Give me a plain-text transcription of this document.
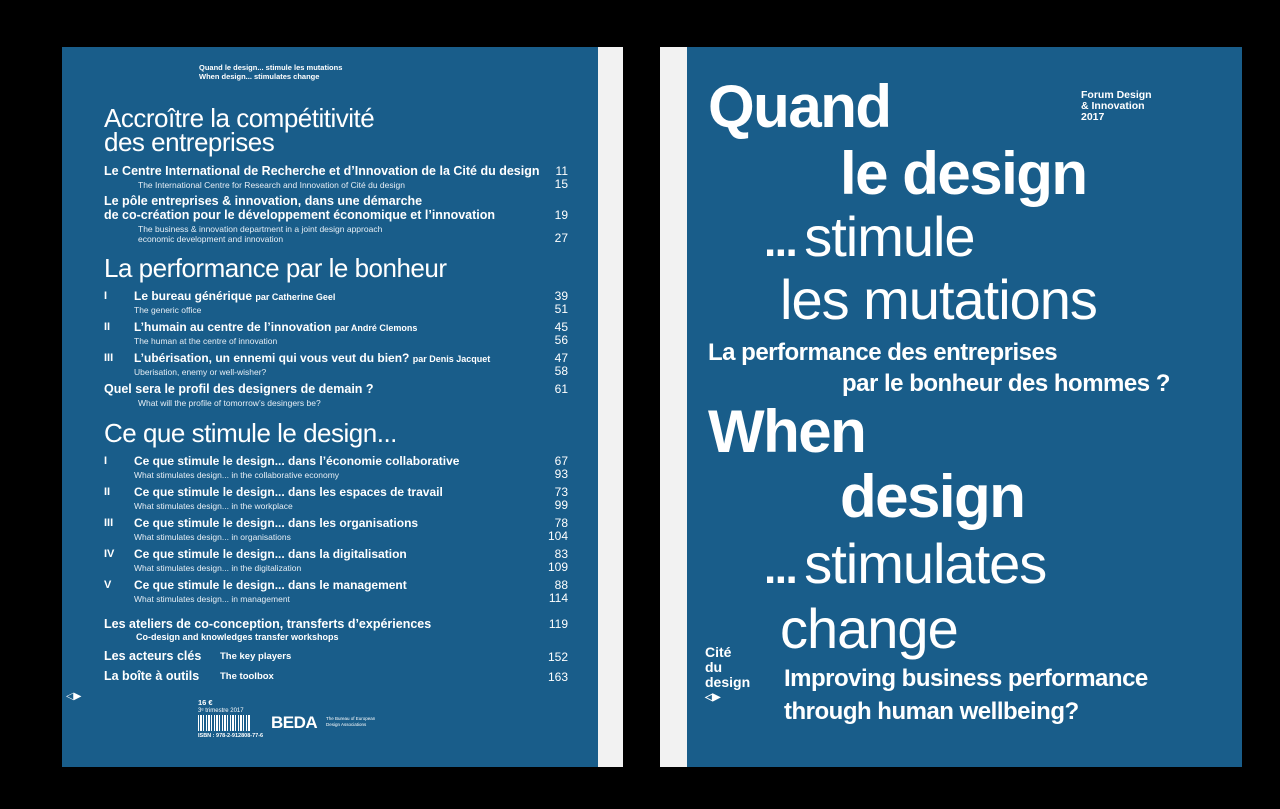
Quand le design... stimule les mutations
When design... stimulates change
Accroître la compétitivité
des entreprises
Le Centre International de Recherche et d’Innovation de la Cité du design	11
The International Centre for Research and Innovation of Cité du design	15
Le pôle entreprises & innovation, dans une démarche
de co-création pour le développement économique et l’innovation	19
The business & innovation department in a joint design approach
economic development and innovation	27
La performance par le bonheur
I Le bureau générique par Catherine Geel	39
The generic office	51
II L’humain au centre de l’innovation par André Clemons	45
The human at the centre of innovation	56
III L’ubérisation, un ennemi qui vous veut du bien? par Denis Jacquet	47
Uberisation, enemy or well-wisher?	58
Quel sera le profil des designers de demain ?	61
What will the profile of tomorrow’s desingers be?
Ce que stimule le design...
I Ce que stimule le design... dans l’économie collaborative	67
What stimulates design... in the collaborative economy	93
II Ce que stimule le design... dans les espaces de travail	73
What stimulates design... in the workplace	99
III Ce que stimule le design... dans les organisations	78
What stimulates design... in organisations	104
IV Ce que stimule le design... dans la digitalisation	83
What stimulates design... in the digitalization	109
V Ce que stimule le design... dans le management	88
What stimulates design... in management	114
Les ateliers de co-conception, transferts d’expériences	119
Co-design and knowledges transfer workshops
Les acteurs clés The key players	152
La boîte à outils The toolbox	163
◁▶
16 €
3ᵉ trimestre 2017
ISBN : 978-2-912808-77-6
BEDA The Bureau of European
Design Associations
Forum Design
& Innovation
2017
Quand
le design
... stimule
les mutations
La performance des entreprises
par le bonheur des hommes ?
When
design
... stimulates
change
Improving business performance
through human wellbeing?
Cité
du
design
◁▶
